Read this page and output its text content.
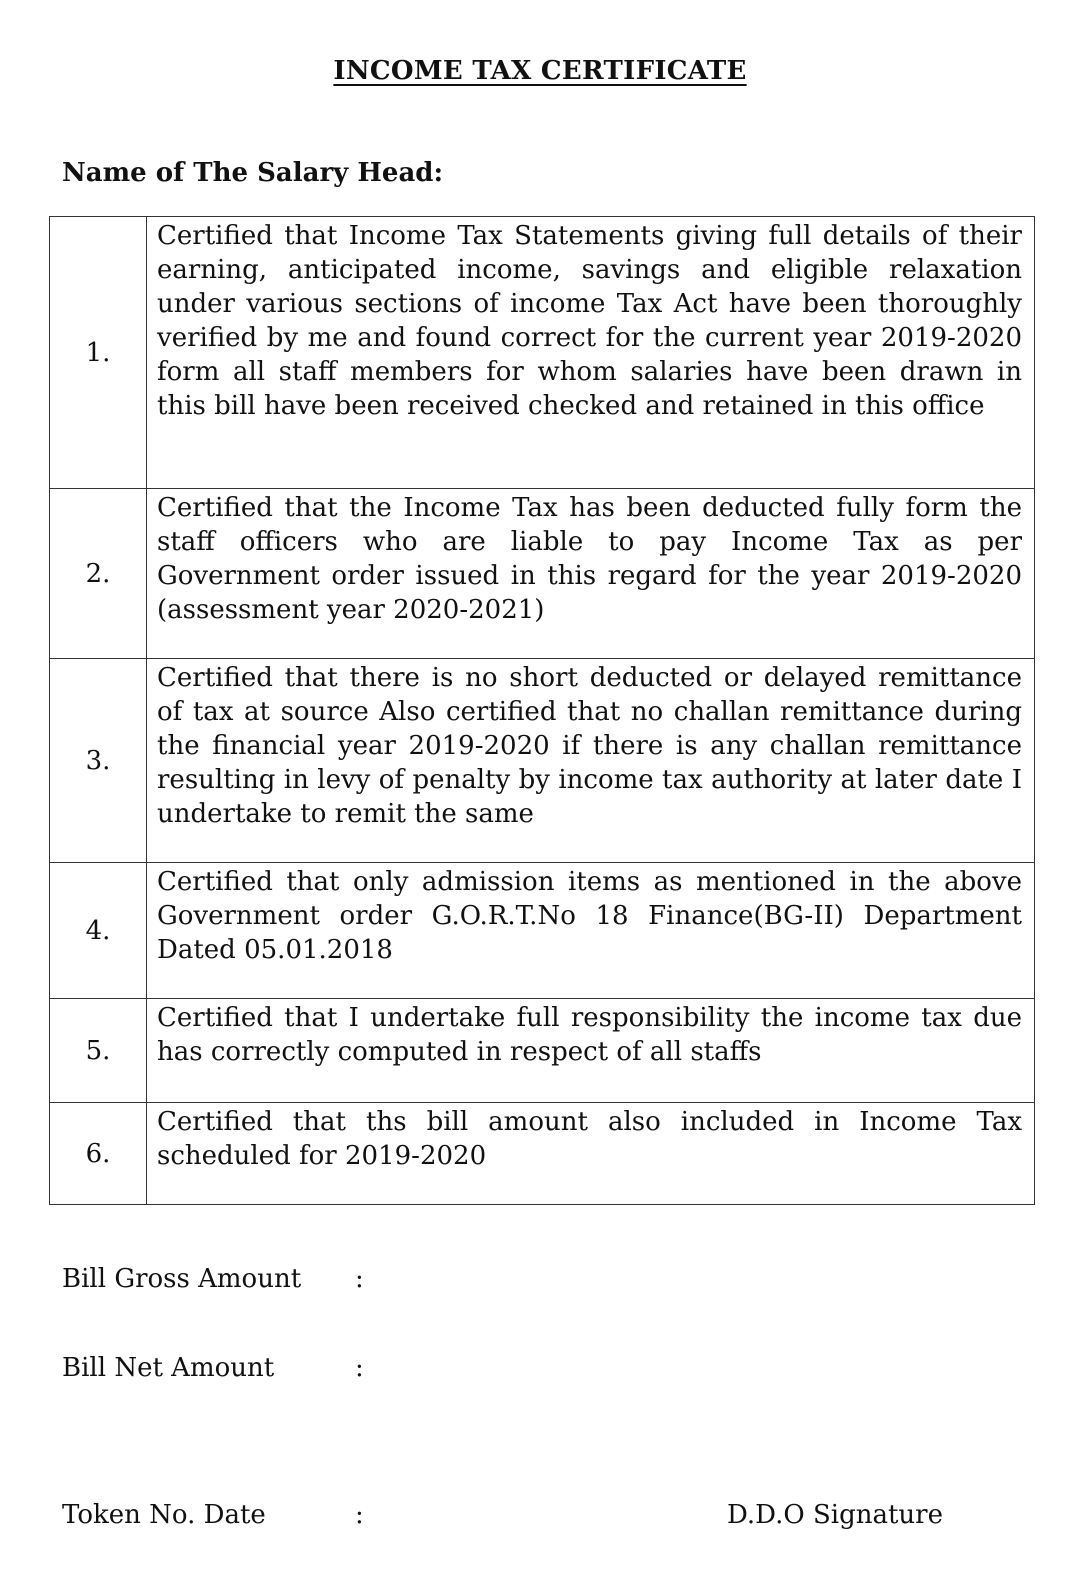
INCOME TAX CERTIFICATE
Name of The Salary Head:
1.	Certified that Income Tax Statements giving full details of their earning, anticipated income, savings and eligible relaxation under various sections of income Tax Act have been thoroughly verified by me and found correct for the current year 2019-2020 form all staff members for whom salaries have been drawn in this bill have been received checked and retained in this office
2.	Certified that the Income Tax has been deducted fully form the staff officers who are liable to pay Income Tax as per Government order issued in this regard for the year 2019-2020 (assessment year 2020-2021)
3.	Certified that there is no short deducted or delayed remittance of tax at source Also certified that no challan remittance during the financial year 2019-2020 if there is any challan remittance resulting in levy of penalty by income tax authority at later date I undertake to remit the same
4.	Certified that only admission items as mentioned in the above Government order G.O.R.T.No 18 Finance(BG-II) Department Dated 05.01.2018
5.	Certified that I undertake full responsibility the income tax due has correctly computed in respect of all staffs
6.	Certified that ths bill amount also included in Income Tax scheduled for 2019-2020
Bill Gross Amount :
Bill Net Amount	:
Token No. Date	:	D.D.O Signature
